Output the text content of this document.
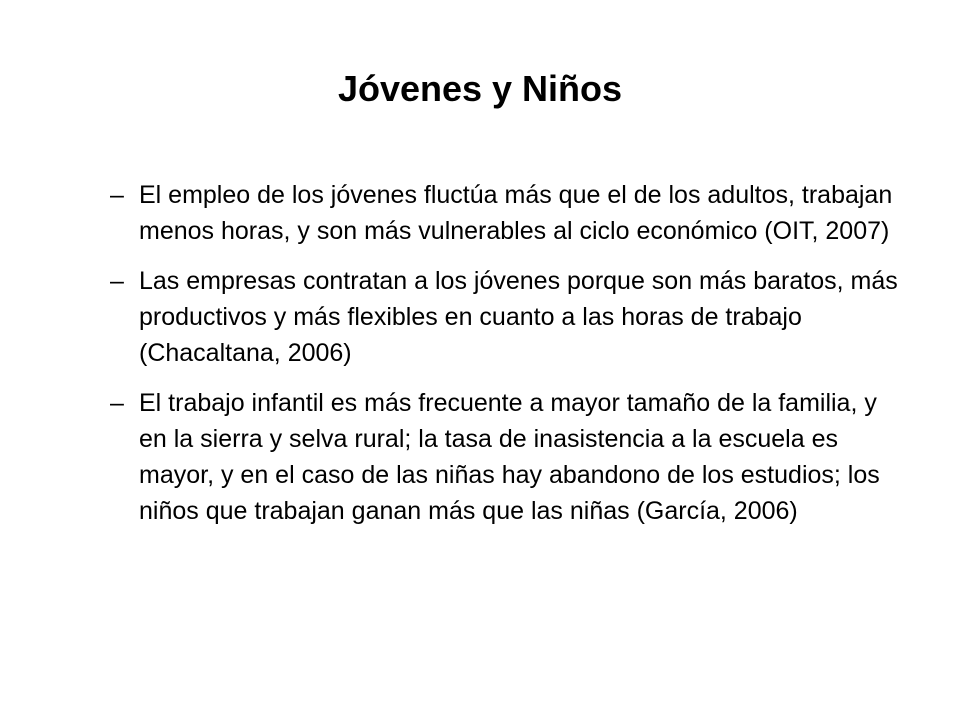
Jóvenes y Niños
– El empleo de los jóvenes fluctúa más que el de los adultos, trabajan menos horas, y son más vulnerables al ciclo económico (OIT, 2007)
– Las empresas contratan a los jóvenes porque son más baratos, más productivos y más flexibles en cuanto a las horas de trabajo (Chacaltana, 2006)
– El trabajo infantil es más frecuente a mayor tamaño de la familia, y en la sierra y selva rural; la tasa de inasistencia a la escuela es mayor, y en el caso de las niñas hay abandono de los estudios; los niños que trabajan ganan más que las niñas (García, 2006)
